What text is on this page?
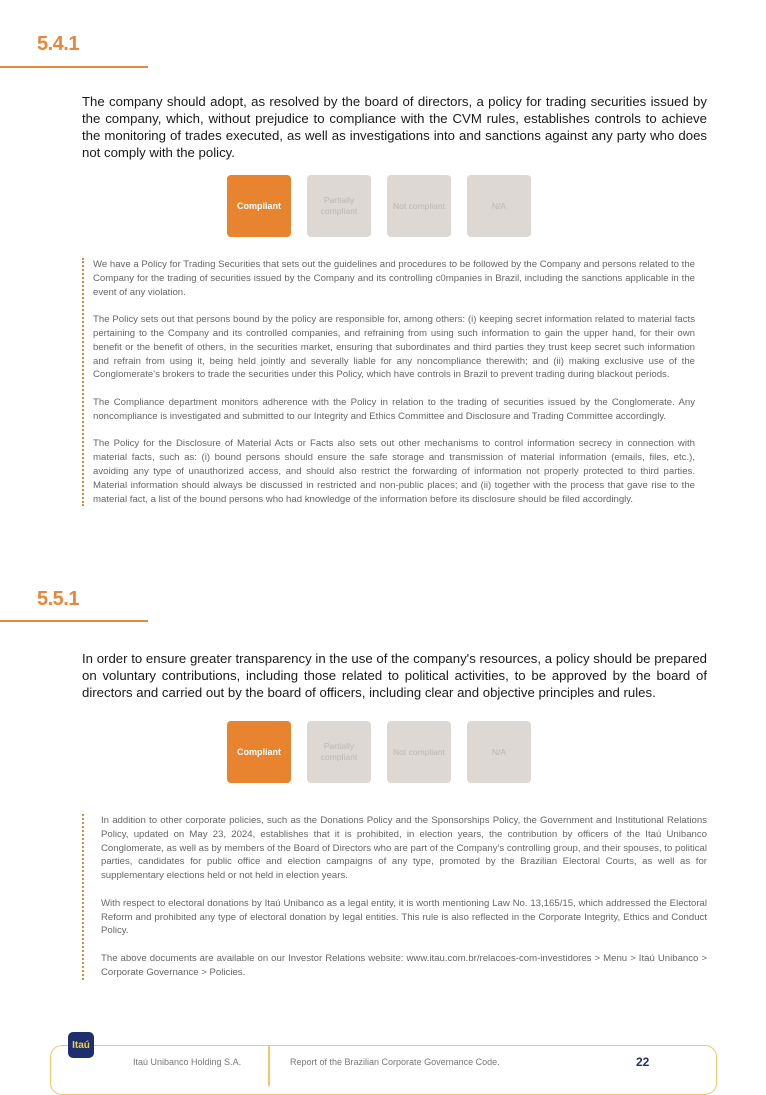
5.4.1
The company should adopt, as resolved by the board of directors, a policy for trading securities issued by the company, which, without prejudice to compliance with the CVM rules, establishes controls to achieve the monitoring of trades executed, as well as investigations into and sanctions against any party who does not comply with the policy.
Compliant
Partially compliant
Not compliant	N/A

We have a Policy for Trading Securities that sets out the guidelines and procedures to be followed by the Company and persons related to the Company for the trading of securities issued by the Company and its controlling c0mpanies in Brazil, including the sanctions applicable in the event of any violation.

The Policy sets out that persons bound by the policy are responsible for, among others: (i) keeping secret information related to material facts pertaining to the Company and its controlled companies, and refraining from using such information to gain the upper hand, for their own benefit or the benefit of others, in the securities market, ensuring that subordinates and third parties they trust keep secret such information and refrain from using it, being held jointly and severally liable for any noncompliance therewith; and (ii) making exclusive use of the Conglomerate's brokers to trade the securities under this Policy, which have controls in Brazil to prevent trading during blackout periods.

The Compliance department monitors adherence with the Policy in relation to the trading of securities issued by the Conglomerate. Any noncompliance is investigated and submitted to our Integrity and Ethics Committee and Disclosure and Trading Committee accordingly.

The Policy for the Disclosure of Material Acts or Facts also sets out other mechanisms to control information secrecy in connection with material facts, such as: (i) bound persons should ensure the safe storage and transmission of material information (emails, files, etc.), avoiding any type of unauthorized access, and should also restrict the forwarding of information not properly protected to third parties. Material information should always be discussed in restricted and non-public places; and (ii) together with the process that gave rise to the material fact, a list of the bound persons who had knowledge of the information before its disclosure should be filed accordingly.

5.5.1
In order to ensure greater transparency in the use of the company's resources, a policy should be prepared on voluntary contributions, including those related to political activities, to be approved by the board of directors and carried out by the board of officers, including clear and objective principles and rules.
Compliant
Partially compliant
Not compliant	N/A

In addition to other corporate policies, such as the Donations Policy and the Sponsorships Policy, the Government and Institutional Relations Policy, updated on May 23, 2024, establishes that it is prohibited, in election years, the contribution by officers of the Itaú Unibanco Conglomerate, as well as by members of the Board of Directors who are part of the Company's controlling group, and their spouses, to political parties, candidates for public office and election campaigns of any type, promoted by the Brazilian Electoral Courts, as well as for supplementary elections held or not held in election years.

With respect to electoral donations by Itaú Unibanco as a legal entity, it is worth mentioning Law No. 13,165/15, which addressed the Electoral Reform and prohibited any type of electoral donation by legal entities. This rule is also reflected in the Corporate Integrity, Ethics and Conduct Policy.

The above documents are available on our Investor Relations website: www.itau.com.br/relacoes-com-investidores > Menu > Itaú Unibanco > Corporate Governance > Policies.

Itaú
Itaú Unibanco Holding S.A.	Report of the Brazilian Corporate Governance Code.	22
